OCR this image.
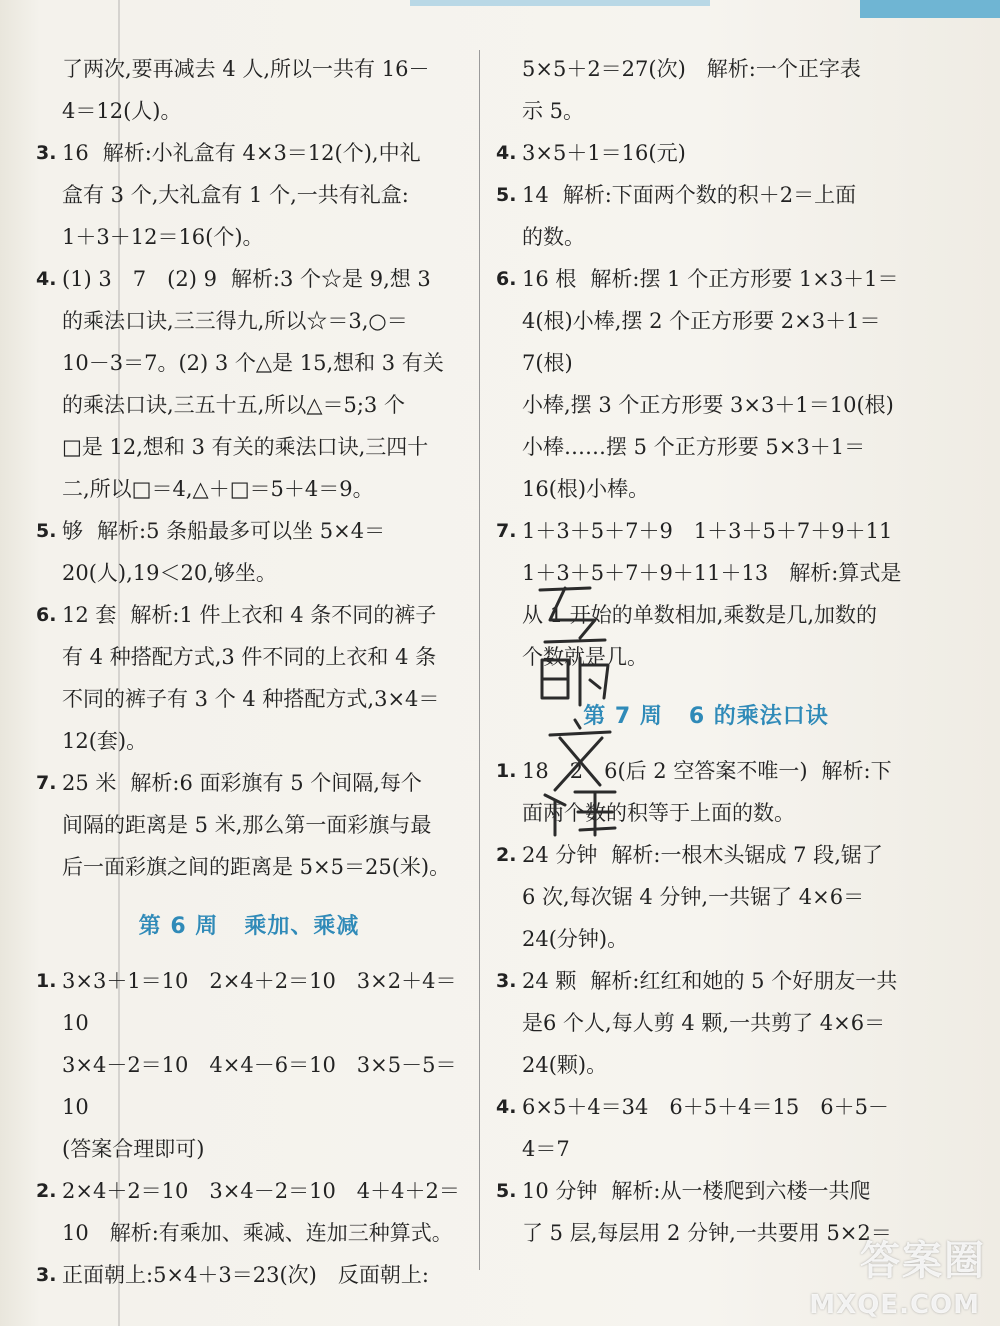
了两次,要再减去 4 人,所以一共有 16－
4＝12(人)。
3. 16 解析:小礼盒有 4×3＝12(个),中礼
盒有 3 个,大礼盒有 1 个,一共有礼盒:
1＋3＋12＝16(个)。
4. (1) 3　7　(2) 9 解析:3 个☆是 9,想 3
的乘法口诀,三三得九,所以☆＝3,○＝
10－3＝7。(2) 3 个△是 15,想和 3 有关
的乘法口诀,三五十五,所以△＝5;3 个
□是 12,想和 3 有关的乘法口诀,三四十
二,所以□＝4,△＋□＝5＋4＝9。
5. 够 解析:5 条船最多可以坐 5×4＝
20(人),19＜20,够坐。
6. 12 套 解析:1 件上衣和 4 条不同的裤子
有 4 种搭配方式,3 件不同的上衣和 4 条
不同的裤子有 3 个 4 种搭配方式,3×4＝
12(套)。
7. 25 米 解析:6 面彩旗有 5 个间隔,每个
间隔的距离是 5 米,那么第一面彩旗与最
后一面彩旗之间的距离是 5×5＝25(米)。
第 6 周 乘加、乘减
1. 3×3＋1＝10　2×4＋2＝10　3×2＋4＝10
3×4－2＝10　4×4－6＝10　3×5－5＝10
(答案合理即可)
2. 2×4＋2＝10　3×4－2＝10　4＋4＋2＝
10　解析:有乘加、乘减、连加三种算式。
3. 正面朝上:5×4＋3＝23(次)　反面朝上:
5×5＋2＝27(次)　解析:一个正字表
示 5。
4. 3×5＋1＝16(元)
5. 14 解析:下面两个数的积＋2＝上面
的数。
6. 16 根 解析:摆 1 个正方形要 1×3＋1＝
4(根)小棒,摆 2 个正方形要 2×3＋1＝7(根)
小棒,摆 3 个正方形要 3×3＋1＝10(根)
小棒……摆 5 个正方形要 5×3＋1＝
16(根)小棒。
7. 1＋3＋5＋7＋9　1＋3＋5＋7＋9＋11
1＋3＋5＋7＋9＋11＋13　解析:算式是
从 1 开始的单数相加,乘数是几,加数的
个数就是几。
第 7 周 6 的乘法口诀
1. 18　2　6(后 2 空答案不唯一) 解析:下
面两个数的积等于上面的数。
2. 24 分钟 解析:一根木头锯成 7 段,锯了
6 次,每次锯 4 分钟,一共锯了 4×6＝
24(分钟)。
3. 24 颗 解析:红红和她的 5 个好朋友一共
是6 个人,每人剪 4 颗,一共剪了 4×6＝
24(颗)。
4. 6×5＋4＝34　6＋5＋4＝15　6＋5－
4＝7
5. 10 分钟 解析:从一楼爬到六楼一共爬
了 5 层,每层用 2 分钟,一共要用 5×2＝
答案圈
MXQE.COM
